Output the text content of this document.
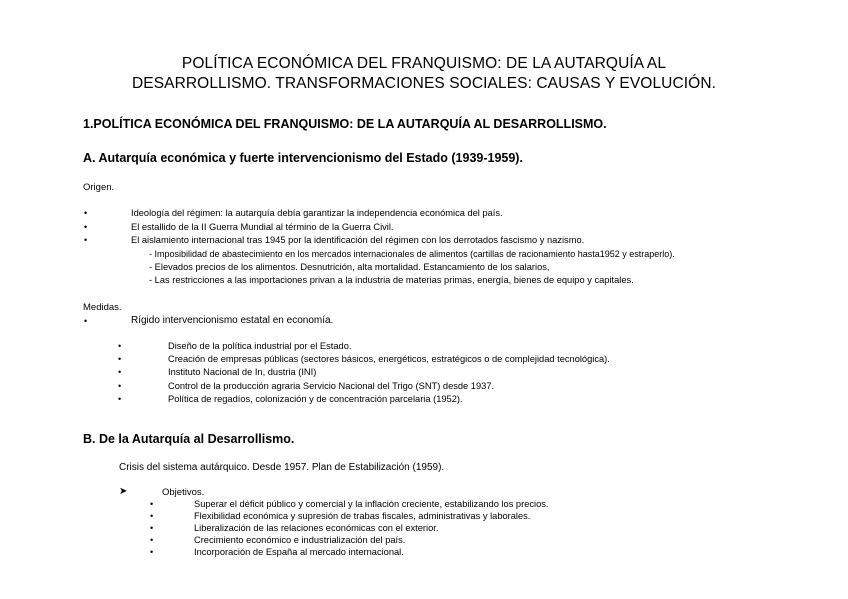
POLÍTICA ECONÓMICA DEL FRANQUISMO: DE LA AUTARQUÍA AL
DESARROLLISMO. TRANSFORMACIONES SOCIALES: CAUSAS Y EVOLUCIÓN.
1.POLÍTICA ECONÓMICA DEL FRANQUISMO: DE LA AUTARQUÍA AL DESARROLLISMO.
A. Autarquía económica y fuerte intervencionismo del Estado (1939-1959).
Origen.
•	Ideología del régimen: la autarquía debía garantizar la independencia económica del país.
•	El estallido de la II Guerra Mundial al término de la Guerra Civil.
•	El aislamiento internacional tras 1945 por la identificación del régimen con los derrotados fascismo y nazismo.
- Imposibilidad de abastecimiento en los mercados internacionales de alimentos (cartillas de racionamiento hasta1952 y estraperlo).
- Elevados precios de los alimentos. Desnutrición, alta mortalidad. Estancamiento de los salarios,
- Las restricciones a las importaciones privan a la industria de materias primas, energía, bienes de equipo y capitales.
Medidas.
•	Rígido intervencionismo estatal en economía.
•	Diseño de la política industrial por el Estado.
•	Creación de empresas públicas (sectores básicos, energéticos, estratégicos o de complejidad tecnológica).
•	Instituto Nacional de In, dustria (INI)
•	Control de la producción agraria Servicio Nacional del Trigo (SNT) desde 1937.
•	Política de regadíos, colonización y de concentración parcelaria (1952).
B. De la Autarquía al Desarrollismo.
Crisis del sistema autárquico. Desde 1957. Plan de Estabilización (1959).
➤	Objetivos.
•	Superar el déficit público y comercial y la inflación creciente, estabilizando los precios.
•	Flexibilidad económica y supresión de trabas fiscales, administrativas y laborales.
•	Liberalización de las relaciones económicas con el exterior.
•	Crecimiento económico e industrialización del país.
•	Incorporación de España al mercado internacional.
